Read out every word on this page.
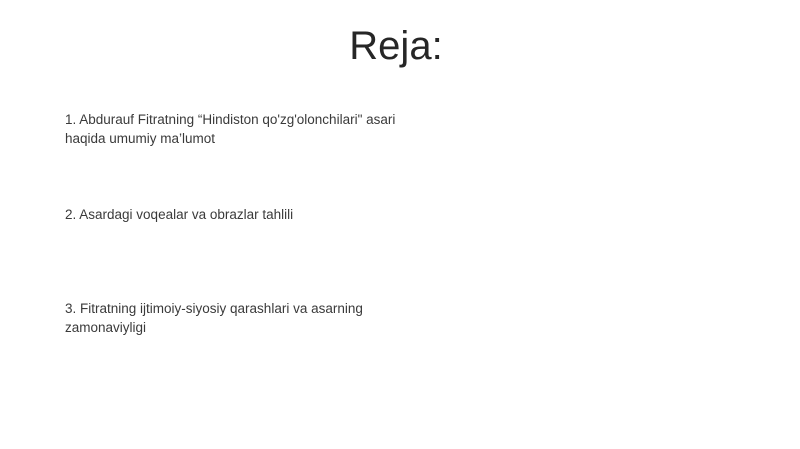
Reja:

1. Abdurauf Fitratning “Hindiston qo'zg'olonchilari" asari haqida umumiy ma’lumot

2. Asardagi voqealar va obrazlar tahlili

3. Fitratning ijtimoiy-siyosiy qarashlari va asarning zamonaviyligi
